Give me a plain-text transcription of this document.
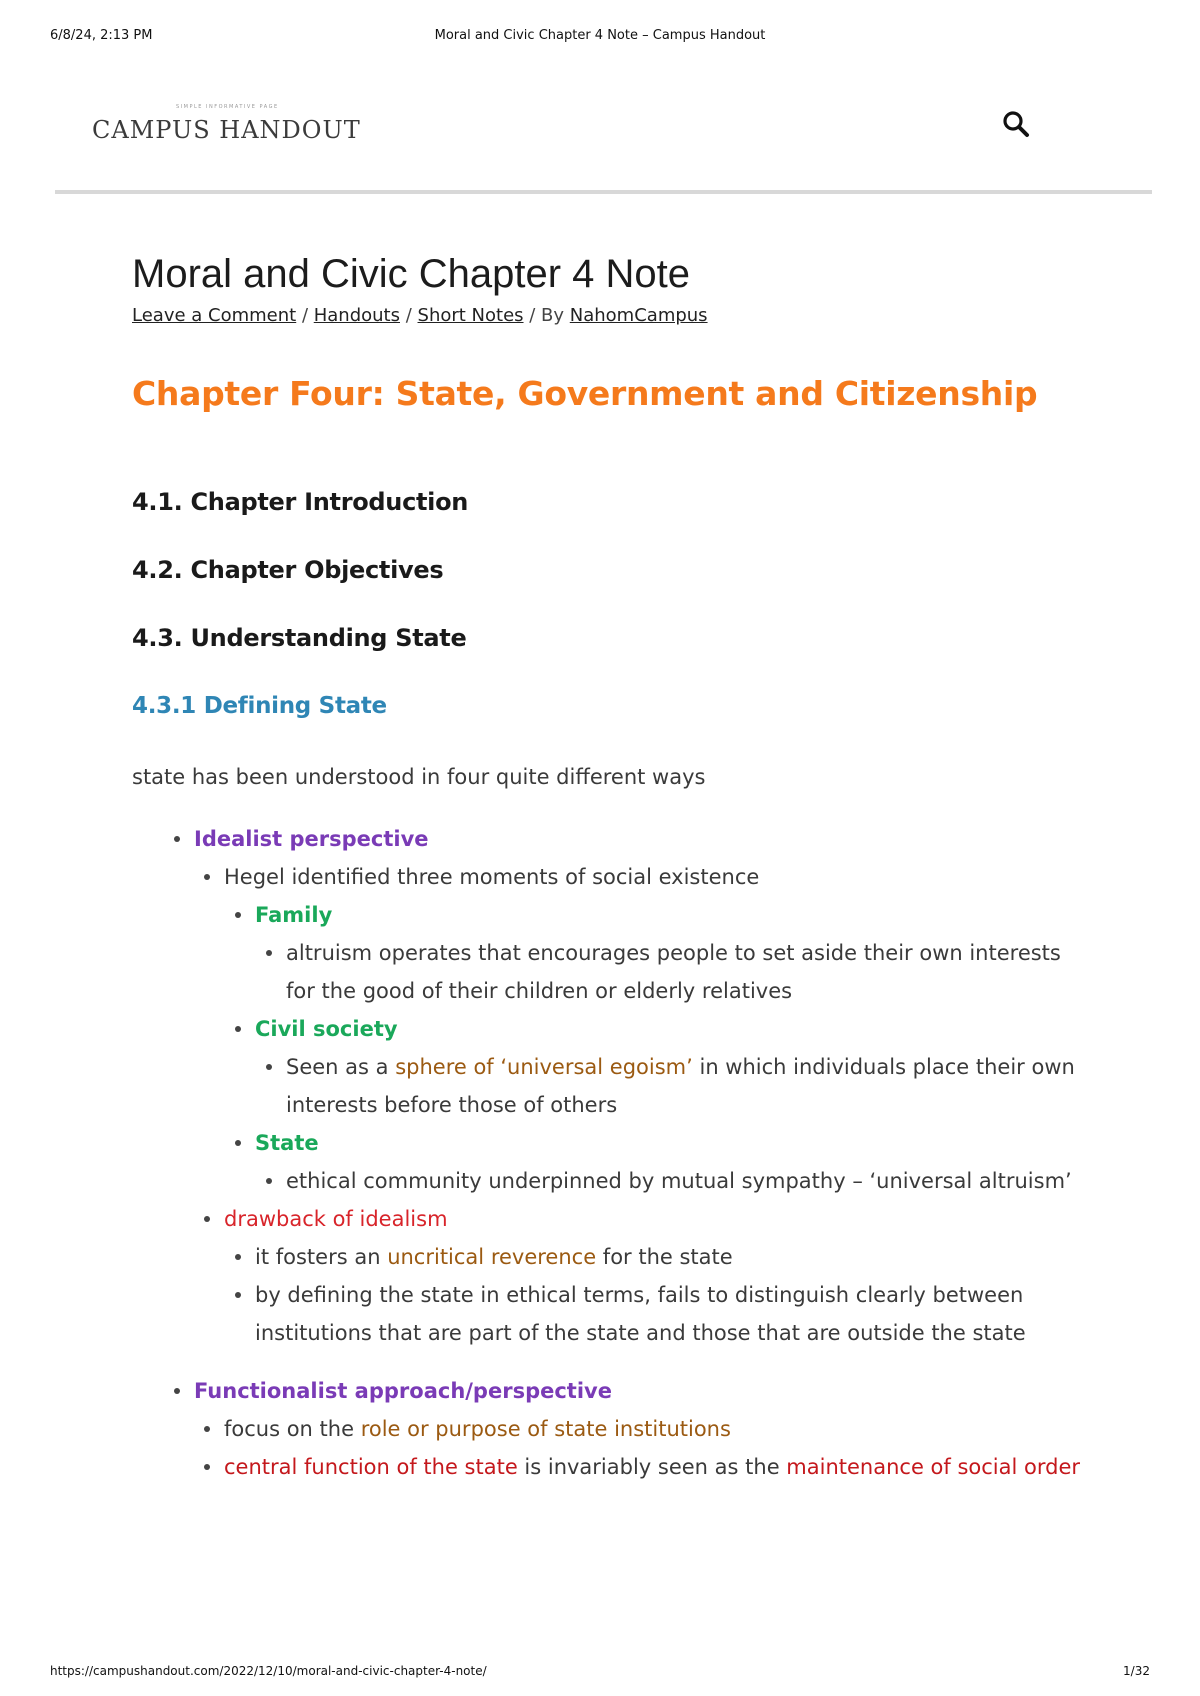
6/8/24, 2:13 PM	Moral and Civic Chapter 4 Note – Campus Handout
SIMPLE INFORMATIVE PAGE
CAMPUS HANDOUT
Moral and Civic Chapter 4 Note
Leave a Comment / Handouts / Short Notes / By NahomCampus
Chapter Four: State, Government and Citizenship
4.1. Chapter Introduction
4.2. Chapter Objectives
4.3. Understanding State
4.3.1 Defining State

state has been understood in four quite different ways

Idealist perspective
Hegel identified three moments of social existence
Family
altruism operates that encourages people to set aside their own interests for the good of their children or elderly relatives
Civil society
Seen as a sphere of ‘universal egoism’ in which individuals place their own interests before those of others
State
ethical community underpinned by mutual sympathy – ‘universal altruism’
drawback of idealism
it fosters an uncritical reverence for the state
by defining the state in ethical terms, fails to distinguish clearly between institutions that are part of the state and those that are outside the state
Functionalist approach/perspective
focus on the role or purpose of state institutions
central function of the state is invariably seen as the maintenance of social order
https://campushandout.com/2022/12/10/moral-and-civic-chapter-4-note/	1/32
